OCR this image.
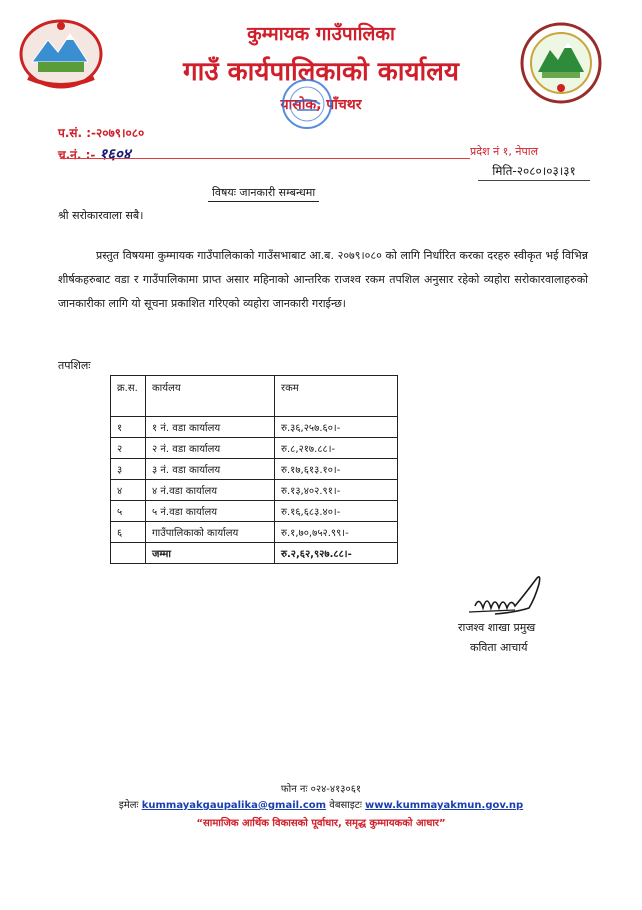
कुम्मायक गाउँपालिका
गाउँ कार्यपालिकाको कार्यालय
यासोक, पाँचथर
प.सं. :-२०७९।०८०
च.नं. :- १६०४	प्रदेश नं १, नेपाल
मिति-२०८०।०३।३१
विषयः जानकारी सम्बन्धमा
श्री सरोकारवाला सबै।
प्रस्तुत विषयमा कुम्मायक गाउँपालिकाको गाउँसभाबाट आ.ब. २०७९।०८० को लागि निर्धारित करका दरहरु स्वीकृत भई विभिन्न शीर्षकहरुबाट वडा र गाउँपालिकामा प्राप्त असार महिनाको आन्तरिक राजश्व रकम तपशिल अनुसार रहेको व्यहोरा सरोकारवालाहरुको जानकारीका लागि यो सूचना प्रकाशित गरिएको व्यहोरा जानकारी गराईन्छ।
तपशिलः
क्र.स.	कार्यलय	रकम
१	१ नं. वडा कार्यालय	रु.३६,२५७.६०।-
२	२ नं. वडा कार्यालय	रु.८,२१७.८८।-
३	३ नं. वडा कार्यालय	रु.१७,६१३.१०।-
४	४ नं.वडा कार्यालय	रु.१३,४०२.९१।-
५	५ नं.वडा कार्यालय	रु.१६,६८३.४०।-
६	गाउँपालिकाको कार्यालय	रु.१,७०,७५२.९९।-
	जम्मा	रु.२,६२,९२७.८८।-
राजश्व शाखा प्रमुख
कविता आचार्य
फोन नः ०२४-४१३०६१
इमेलः kummayakgaupalika@gmail.com वेबसाइटः www.kummayakmun.gov.np
“सामाजिक आर्थिक विकासको पूर्वाधार, समृद्ध कुम्मायकको आधार”
